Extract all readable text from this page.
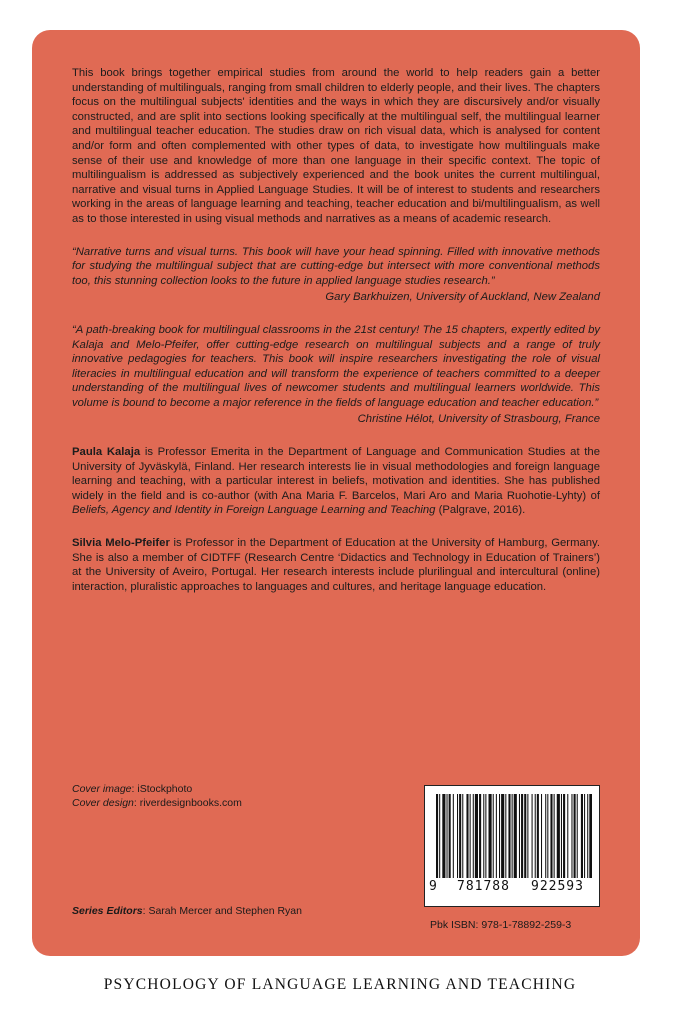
This book brings together empirical studies from around the world to help readers gain a better understanding of multilinguals, ranging from small children to elderly people, and their lives. The chapters focus on the multilingual subjects' identities and the ways in which they are discursively and/or visually constructed, and are split into sections looking specifically at the multilingual self, the multilingual learner and multilingual teacher education. The studies draw on rich visual data, which is analysed for content and/or form and often complemented with other types of data, to investigate how multilinguals make sense of their use and knowledge of more than one language in their specific context. The topic of multilingualism is addressed as subjectively experienced and the book unites the current multilingual, narrative and visual turns in Applied Language Studies. It will be of interest to students and researchers working in the areas of language learning and teaching, teacher education and bi/multilingualism, as well as to those interested in using visual methods and narratives as a means of academic research.

“Narrative turns and visual turns. This book will have your head spinning. Filled with innovative methods for studying the multilingual subject that are cutting-edge but intersect with more conventional methods too, this stunning collection looks to the future in applied language studies research.”

Gary Barkhuizen, University of Auckland, New Zealand

“A path-breaking book for multilingual classrooms in the 21st century! The 15 chapters, expertly edited by Kalaja and Melo-Pfeifer, offer cutting-edge research on multilingual subjects and a range of truly innovative pedagogies for teachers. This book will inspire researchers investigating the role of visual literacies in multilingual education and will transform the experience of teachers committed to a deeper understanding of the multilingual lives of newcomer students and multilingual learners worldwide. This volume is bound to become a major reference in the fields of language education and teacher education.”

Christine Hélot, University of Strasbourg, France

Paula Kalaja is Professor Emerita in the Department of Language and Communication Studies at the University of Jyväskylä, Finland. Her research interests lie in visual methodologies and foreign language learning and teaching, with a particular interest in beliefs, motivation and identities. She has published widely in the field and is co-author (with Ana Maria F. Barcelos, Mari Aro and Maria Ruohotie-Lyhty) of Beliefs, Agency and Identity in Foreign Language Learning and Teaching (Palgrave, 2016).

Silvia Melo-Pfeifer is Professor in the Department of Education at the University of Hamburg, Germany. She is also a member of CIDTFF (Research Centre ‘Didactics and Technology in Education of Trainers’) at the University of Aveiro, Portugal. Her research interests include plurilingual and intercultural (online) interaction, pluralistic approaches to languages and cultures, and heritage language education.

Cover image: iStockphoto
Cover design: riverdesignbooks.com
Series Editors: Sarah Mercer and Stephen Ryan
9 781788 922593
Pbk ISBN: 978-1-78892-259-3
PSYCHOLOGY OF LANGUAGE LEARNING AND TEACHING
